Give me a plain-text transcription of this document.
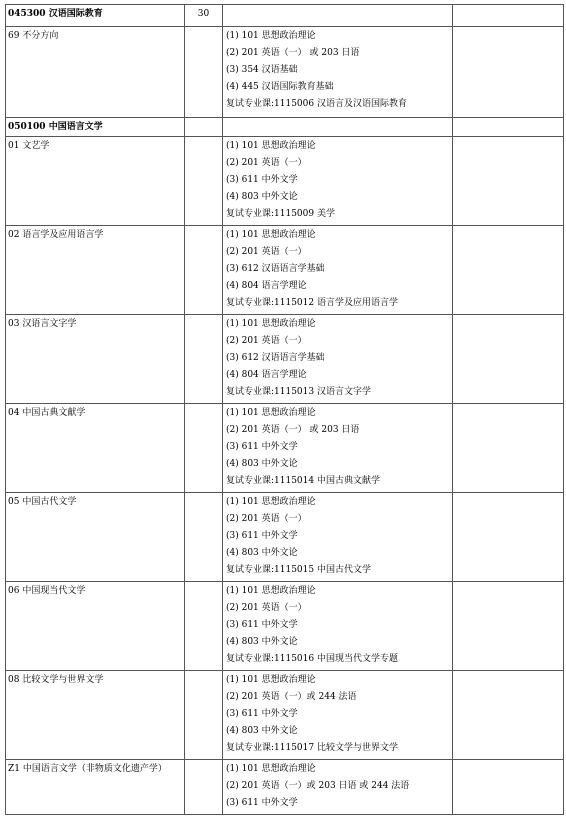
045300 汉语国际教育	30		

69 不分方向		(1) 101 思想政治理论
(2) 201 英语（一） 或 203 日语
(3) 354 汉语基础
(4) 445 汉语国际教育基础
复试专业课:1115006 汉语言及汉语国际教育	

050100 中国语言文学			

01 文艺学		(1) 101 思想政治理论
(2) 201 英语（一）
(3) 611 中外文学
(4) 803 中外文论
复试专业课:1115009 美学	

02 语言学及应用语言学		(1) 101 思想政治理论
(2) 201 英语（一）
(3) 612 汉语语言学基础
(4) 804 语言学理论
复试专业课:1115012 语言学及应用语言学	

03 汉语言文字学		(1) 101 思想政治理论
(2) 201 英语（一）
(3) 612 汉语语言学基础
(4) 804 语言学理论
复试专业课:1115013 汉语言文字学	

04 中国古典文献学		(1) 101 思想政治理论
(2) 201 英语（一） 或 203 日语
(3) 611 中外文学
(4) 803 中外文论
复试专业课:1115014 中国古典文献学	

05 中国古代文学		(1) 101 思想政治理论
(2) 201 英语（一）
(3) 611 中外文学
(4) 803 中外文论
复试专业课:1115015 中国古代文学	

06 中国现当代文学		(1) 101 思想政治理论
(2) 201 英语（一）
(3) 611 中外文学
(4) 803 中外文论
复试专业课:1115016 中国现当代文学专题	

08 比较文学与世界文学		(1) 101 思想政治理论
(2) 201 英语（一）或 244 法语
(3) 611 中外文学
(4) 803 中外文论
复试专业课:1115017 比较文学与世界文学	

Z1 中国语言文学（非物质文化遗产学）		(1) 101 思想政治理论
(2) 201 英语（一）或 203 日语 或 244 法语
(3) 611 中外文学	
